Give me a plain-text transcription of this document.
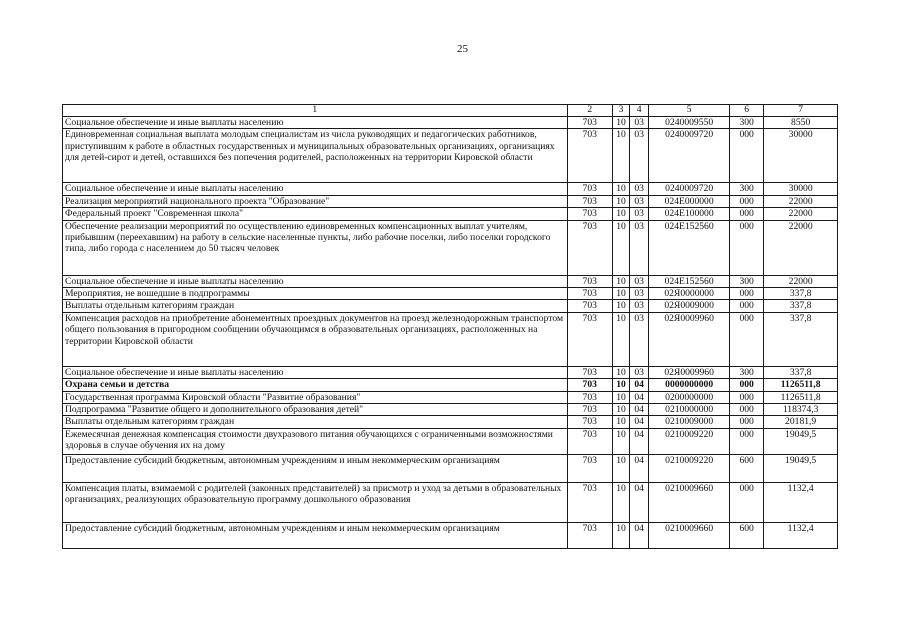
25
1	2	3	4	5	6	7
Социальное обеспечение и иные выплаты населению	703	10	03	0240009550	300	8550
Единовременная социальная выплата молодым специалистам из числа руководящих и педагогических работников, приступившим к работе в областных государственных и муниципальных образовательных организациях, организациях для детей-сирот и детей, оставшихся без попечения родителей, расположенных на территории Кировской области	703	10	03	0240009720	000	30000
Социальное обеспечение и иные выплаты населению	703	10	03	0240009720	300	30000
Реализация мероприятий национального проекта "Образование"	703	10	03	024E000000	000	22000
Федеральный проект "Современная школа"	703	10	03	024E100000	000	22000
Обеспечение реализации мероприятий по осуществлению единовременных компенсационных выплат учителям, прибывшим (переехавшим) на работу в сельские населенные пункты, либо рабочие поселки, либо поселки городского типа, либо города с населением до 50 тысяч человек	703	10	03	024E152560	000	22000
Социальное обеспечение и иные выплаты населению	703	10	03	024E152560	300	22000
Мероприятия, не вошедшие в подпрограммы	703	10	03	02Я0000000	000	337,8
Выплаты отдельным категориям граждан	703	10	03	02Я0009000	000	337,8
Компенсация расходов на приобретение абонементных проездных документов на проезд железнодорожным транспортом общего пользования в пригородном сообщении обучающимся в образовательных организациях, расположенных на территории Кировской области	703	10	03	02Я0009960	000	337,8
Социальное обеспечение и иные выплаты населению	703	10	03	02Я0009960	300	337,8
Охрана семьи и детства	703	10	04	0000000000	000	1126511,8
Государственная программа Кировской области "Развитие образования"	703	10	04	0200000000	000	1126511,8
Подпрограмма "Развитие общего и дополнительного образования детей"	703	10	04	0210000000	000	118374,3
Выплаты отдельным категориям граждан	703	10	04	0210009000	000	20181,9
Ежемесячная денежная компенсация стоимости двухразового питания обучающихся с ограниченными возможностями здоровья в случае обучения их на дому	703	10	04	0210009220	000	19049,5
Предоставление субсидий бюджетным, автономным учреждениям и иным некоммерческим организациям	703	10	04	0210009220	600	19049,5
Компенсация платы, взимаемой с родителей (законных представителей) за присмотр и уход за детьми в образовательных организациях, реализующих образовательную программу дошкольного образования	703	10	04	0210009660	000	1132,4
Предоставление субсидий бюджетным, автономным учреждениям и иным некоммерческим организациям	703	10	04	0210009660	600	1132,4
